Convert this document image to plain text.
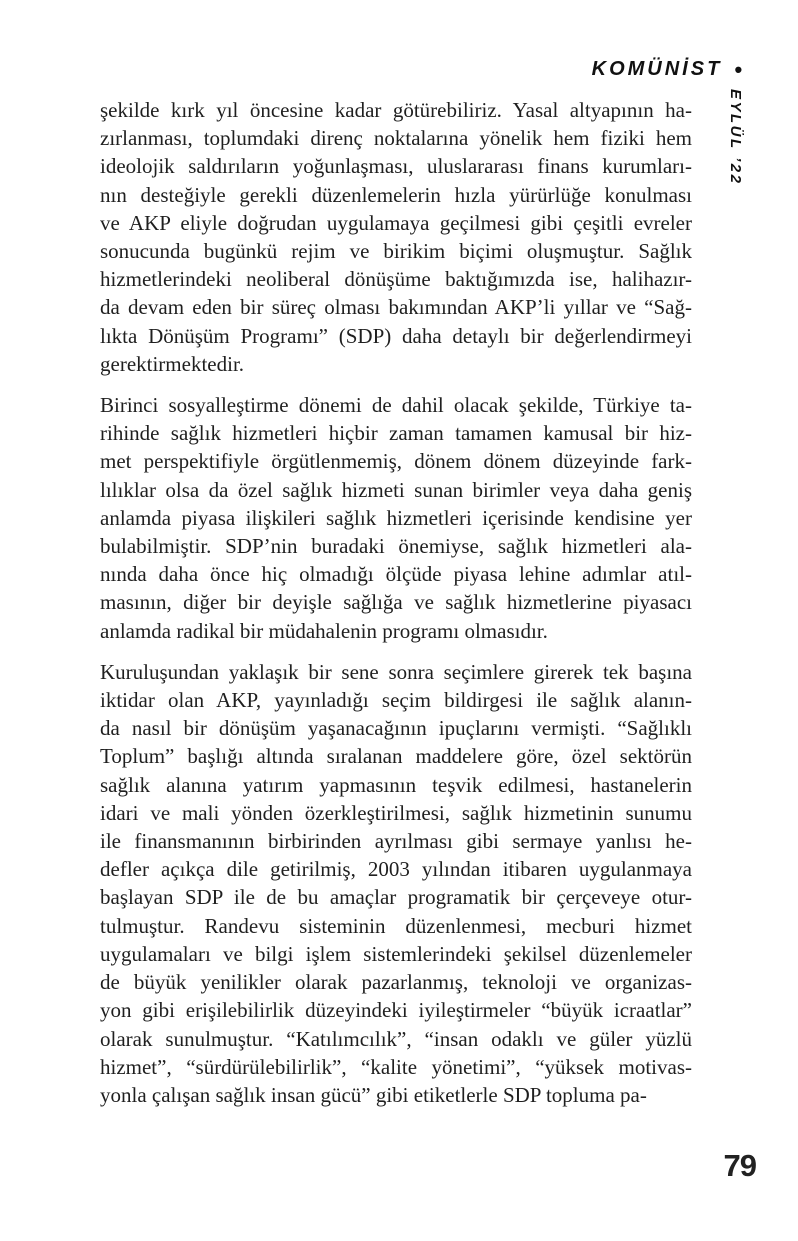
KOMÜNİST •
EYLÜL ’22
şekilde kırk yıl öncesine kadar götürebiliriz. Yasal altyapının ha-
zırlanması, toplumdaki direnç noktalarına yönelik hem fiziki hem
ideolojik saldırıların yoğunlaşması, uluslararası finans kurumları-
nın desteğiyle gerekli düzenlemelerin hızla yürürlüğe konulması
ve AKP eliyle doğrudan uygulamaya geçilmesi gibi çeşitli evreler
sonucunda bugünkü rejim ve birikim biçimi oluşmuştur. Sağlık
hizmetlerindeki neoliberal dönüşüme baktığımızda ise, halihazır-
da devam eden bir süreç olması bakımından AKP’li yıllar ve “Sağ-
lıkta Dönüşüm Programı” (SDP) daha detaylı bir değerlendirmeyi
gerektirmektedir.
Birinci sosyalleştirme dönemi de dahil olacak şekilde, Türkiye ta-
rihinde sağlık hizmetleri hiçbir zaman tamamen kamusal bir hiz-
met perspektifiyle örgütlenmemiş, dönem dönem düzeyinde fark-
lılıklar olsa da özel sağlık hizmeti sunan birimler veya daha geniş
anlamda piyasa ilişkileri sağlık hizmetleri içerisinde kendisine yer
bulabilmiştir. SDP’nin buradaki önemiyse, sağlık hizmetleri ala-
nında daha önce hiç olmadığı ölçüde piyasa lehine adımlar atıl-
masının, diğer bir deyişle sağlığa ve sağlık hizmetlerine piyasacı
anlamda radikal bir müdahalenin programı olmasıdır.
Kuruluşundan yaklaşık bir sene sonra seçimlere girerek tek başına
iktidar olan AKP, yayınladığı seçim bildirgesi ile sağlık alanın-
da nasıl bir dönüşüm yaşanacağının ipuçlarını vermişti. “Sağlıklı
Toplum” başlığı altında sıralanan maddelere göre, özel sektörün
sağlık alanına yatırım yapmasının teşvik edilmesi, hastanelerin
idari ve mali yönden özerkleştirilmesi, sağlık hizmetinin sunumu
ile finansmanının birbirinden ayrılması gibi sermaye yanlısı he-
defler açıkça dile getirilmiş, 2003 yılından itibaren uygulanmaya
başlayan SDP ile de bu amaçlar programatik bir çerçeveye otur-
tulmuştur. Randevu sisteminin düzenlenmesi, mecburi hizmet
uygulamaları ve bilgi işlem sistemlerindeki şekilsel düzenlemeler
de büyük yenilikler olarak pazarlanmış, teknoloji ve organizas-
yon gibi erişilebilirlik düzeyindeki iyileştirmeler “büyük icraatlar”
olarak sunulmuştur. “Katılımcılık”, “insan odaklı ve güler yüzlü
hizmet”, “sürdürülebilirlik”, “kalite yönetimi”, “yüksek motivas-
yonla çalışan sağlık insan gücü” gibi etiketlerle SDP topluma pa-
79
